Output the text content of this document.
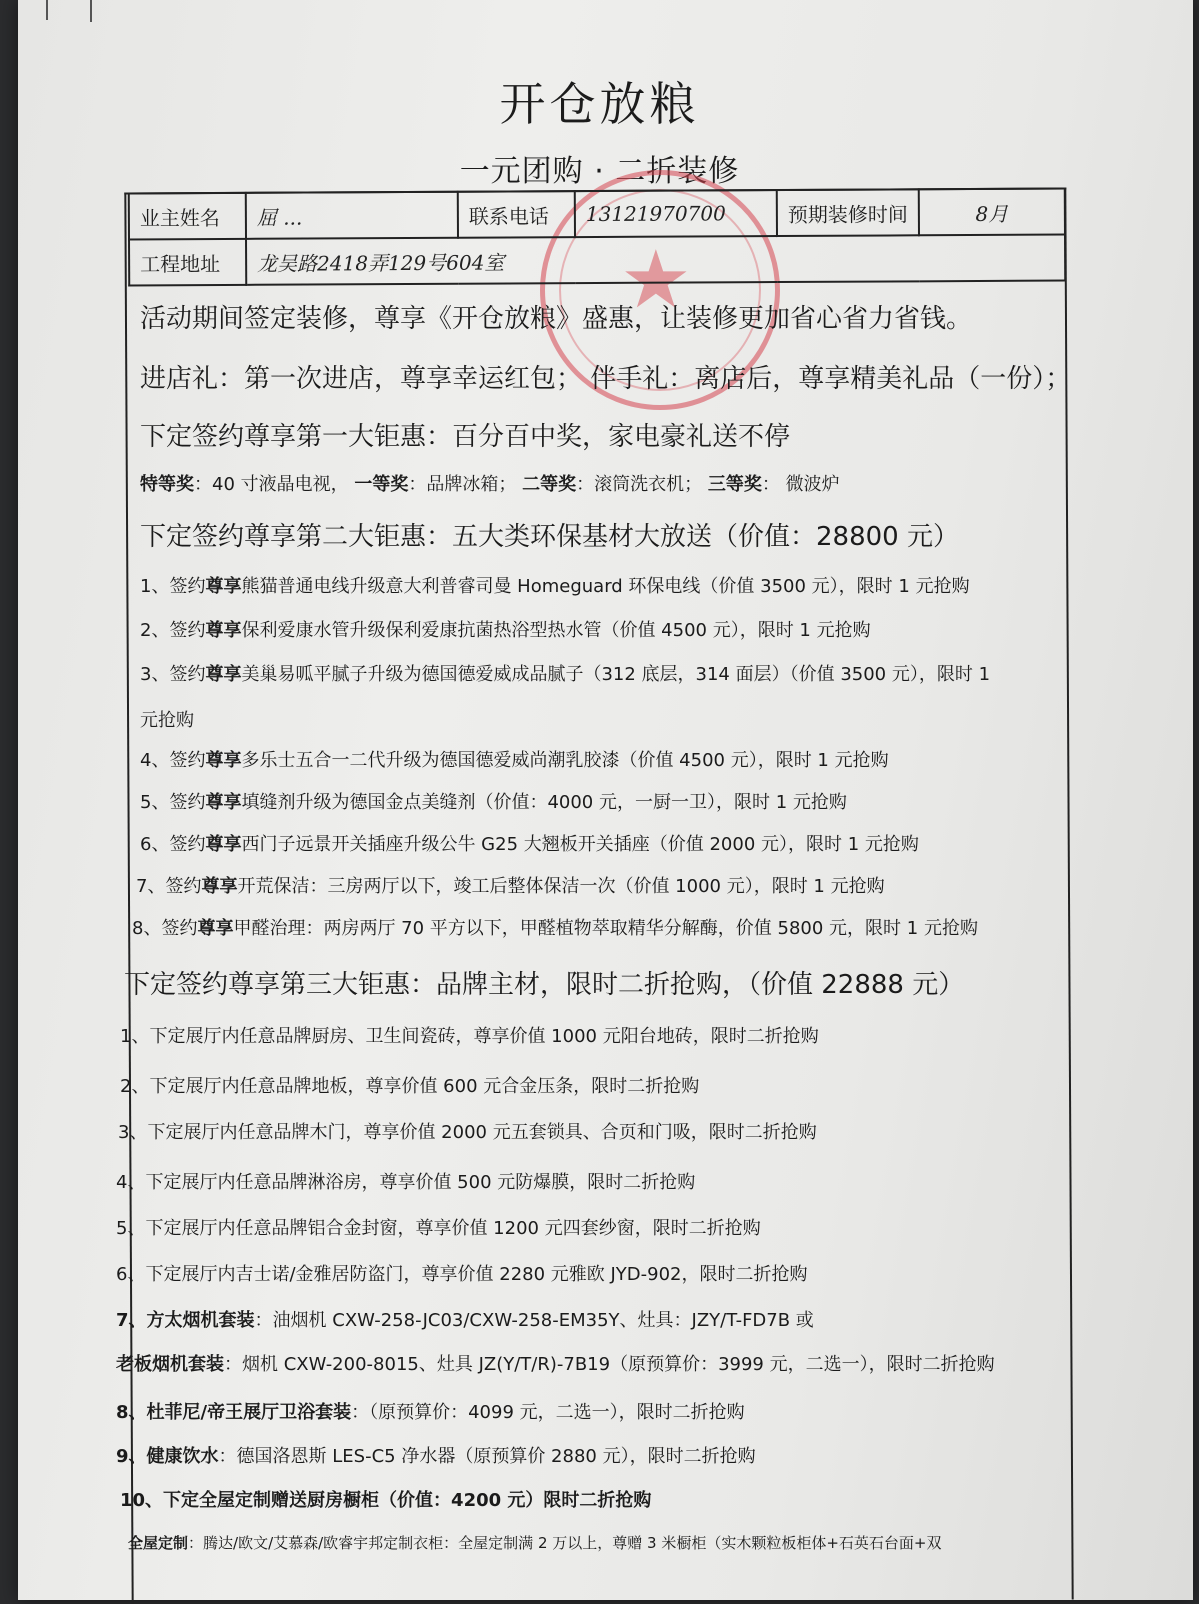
开仓放粮
一元团购 · 二折装修
★
业主姓名	屈 ...	联系电话	13121970700	预期装修时间	8月
工程地址	龙吴路2418弄129号604室				
活动期间签定装修，尊享《开仓放粮》盛惠，让装修更加省心省力省钱。
进店礼：第一次进店，尊享幸运红包； 伴手礼：离店后，尊享精美礼品（一份）；
下定签约尊享第一大钜惠：百分百中奖，家电豪礼送不停
特等奖：40 寸液晶电视， 一等奖：品牌冰箱； 二等奖：滚筒洗衣机； 三等奖： 微波炉
下定签约尊享第二大钜惠：五大类环保基材大放送（价值：28800 元）
1、签约尊享熊猫普通电线升级意大利普睿司曼 Homeguard 环保电线（价值 3500 元），限时 1 元抢购
2、签约尊享保利爱康水管升级保利爱康抗菌热浴型热水管（价值 4500 元），限时 1 元抢购
3、签约尊享美巢易呱平腻子升级为德国德爱威成品腻子（312 底层，314 面层）（价值 3500 元），限时 1
元抢购
4、签约尊享多乐士五合一二代升级为德国德爱威尚潮乳胶漆（价值 4500 元），限时 1 元抢购
5、签约尊享填缝剂升级为德国金点美缝剂（价值：4000 元，一厨一卫），限时 1 元抢购
6、签约尊享西门子远景开关插座升级公牛 G25 大翘板开关插座（价值 2000 元），限时 1 元抢购
7、签约尊享开荒保洁：三房两厅以下，竣工后整体保洁一次（价值 1000 元），限时 1 元抢购
8、签约尊享甲醛治理：两房两厅 70 平方以下，甲醛植物萃取精华分解酶，价值 5800 元，限时 1 元抢购
下定签约尊享第三大钜惠：品牌主材，限时二折抢购，（价值 22888 元）
1、下定展厅内任意品牌厨房、卫生间瓷砖，尊享价值 1000 元阳台地砖，限时二折抢购
2、下定展厅内任意品牌地板，尊享价值 600 元合金压条，限时二折抢购
3、下定展厅内任意品牌木门，尊享价值 2000 元五套锁具、合页和门吸，限时二折抢购
4、下定展厅内任意品牌淋浴房，尊享价值 500 元防爆膜，限时二折抢购
5、下定展厅内任意品牌铝合金封窗，尊享价值 1200 元四套纱窗，限时二折抢购
6、下定展厅内吉士诺/金雅居防盗门，尊享价值 2280 元雅欧 JYD-902，限时二折抢购
7、方太烟机套装：油烟机 CXW-258-JC03/CXW-258-EM35Y、灶具：JZY/T-FD7B 或
老板烟机套装：烟机 CXW-200-8015、灶具 JZ(Y/T/R)-7B19（原预算价：3999 元，二选一），限时二折抢购
8、杜菲尼/帝王展厅卫浴套装：（原预算价：4099 元，二选一），限时二折抢购
9、健康饮水：德国洛恩斯 LES-C5 净水器（原预算价 2880 元），限时二折抢购
10、下定全屋定制赠送厨房橱柜（价值：4200 元）限时二折抢购
全屋定制：腾达/欧文/艾慕森/欧睿宇邦定制衣柜：全屋定制满 2 万以上，尊赠 3 米橱柜（实木颗粒板柜体+石英石台面+双
